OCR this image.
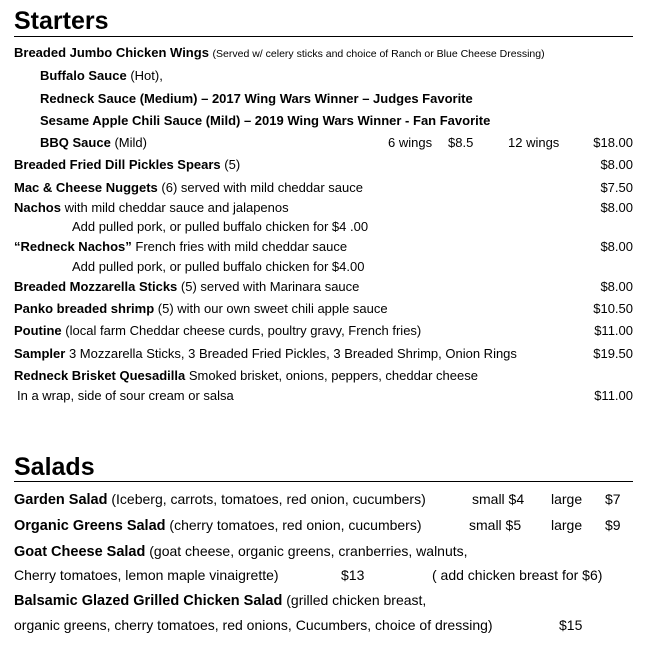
Starters
Breaded Jumbo Chicken Wings (Served w/ celery sticks and choice of Ranch or Blue Cheese Dressing)
Buffalo Sauce (Hot),
Redneck Sauce (Medium) – 2017 Wing Wars Winner – Judges Favorite
Sesame Apple Chili Sauce (Mild) – 2019 Wing Wars Winner - Fan Favorite
BBQ Sauce (Mild)	6 wings $8.5	12 wings	$18.00
Breaded Fried Dill Pickles Spears (5)	$8.00
Mac & Cheese Nuggets (6) served with mild cheddar sauce	$7.50
Nachos with mild cheddar sauce and jalapenos	$8.00
Add pulled pork, or pulled buffalo chicken for $4 .00
“Redneck Nachos” French fries with mild cheddar sauce	$8.00
Add pulled pork, or pulled buffalo chicken for $4.00
Breaded Mozzarella Sticks (5) served with Marinara sauce	$8.00
Panko breaded shrimp (5) with our own sweet chili apple sauce	$10.50
Poutine (local farm Cheddar cheese curds, poultry gravy, French fries)	$11.00
Sampler 3 Mozzarella Sticks, 3 Breaded Fried Pickles, 3 Breaded Shrimp, Onion Rings	$19.50
Redneck Brisket Quesadilla Smoked brisket, onions, peppers, cheddar cheese
In a wrap, side of sour cream or salsa	$11.00
Salads
Garden Salad (Iceberg, carrots, tomatoes, red onion, cucumbers)	small $4 large $7
Organic Greens Salad (cherry tomatoes, red onion, cucumbers)	small $5 large $9
Goat Cheese Salad (goat cheese, organic greens, cranberries, walnuts,
Cherry tomatoes, lemon maple vinaigrette)	$13	( add chicken breast for $6)
Balsamic Glazed Grilled Chicken Salad (grilled chicken breast,
organic greens, cherry tomatoes, red onions, Cucumbers, choice of dressing)	$15
